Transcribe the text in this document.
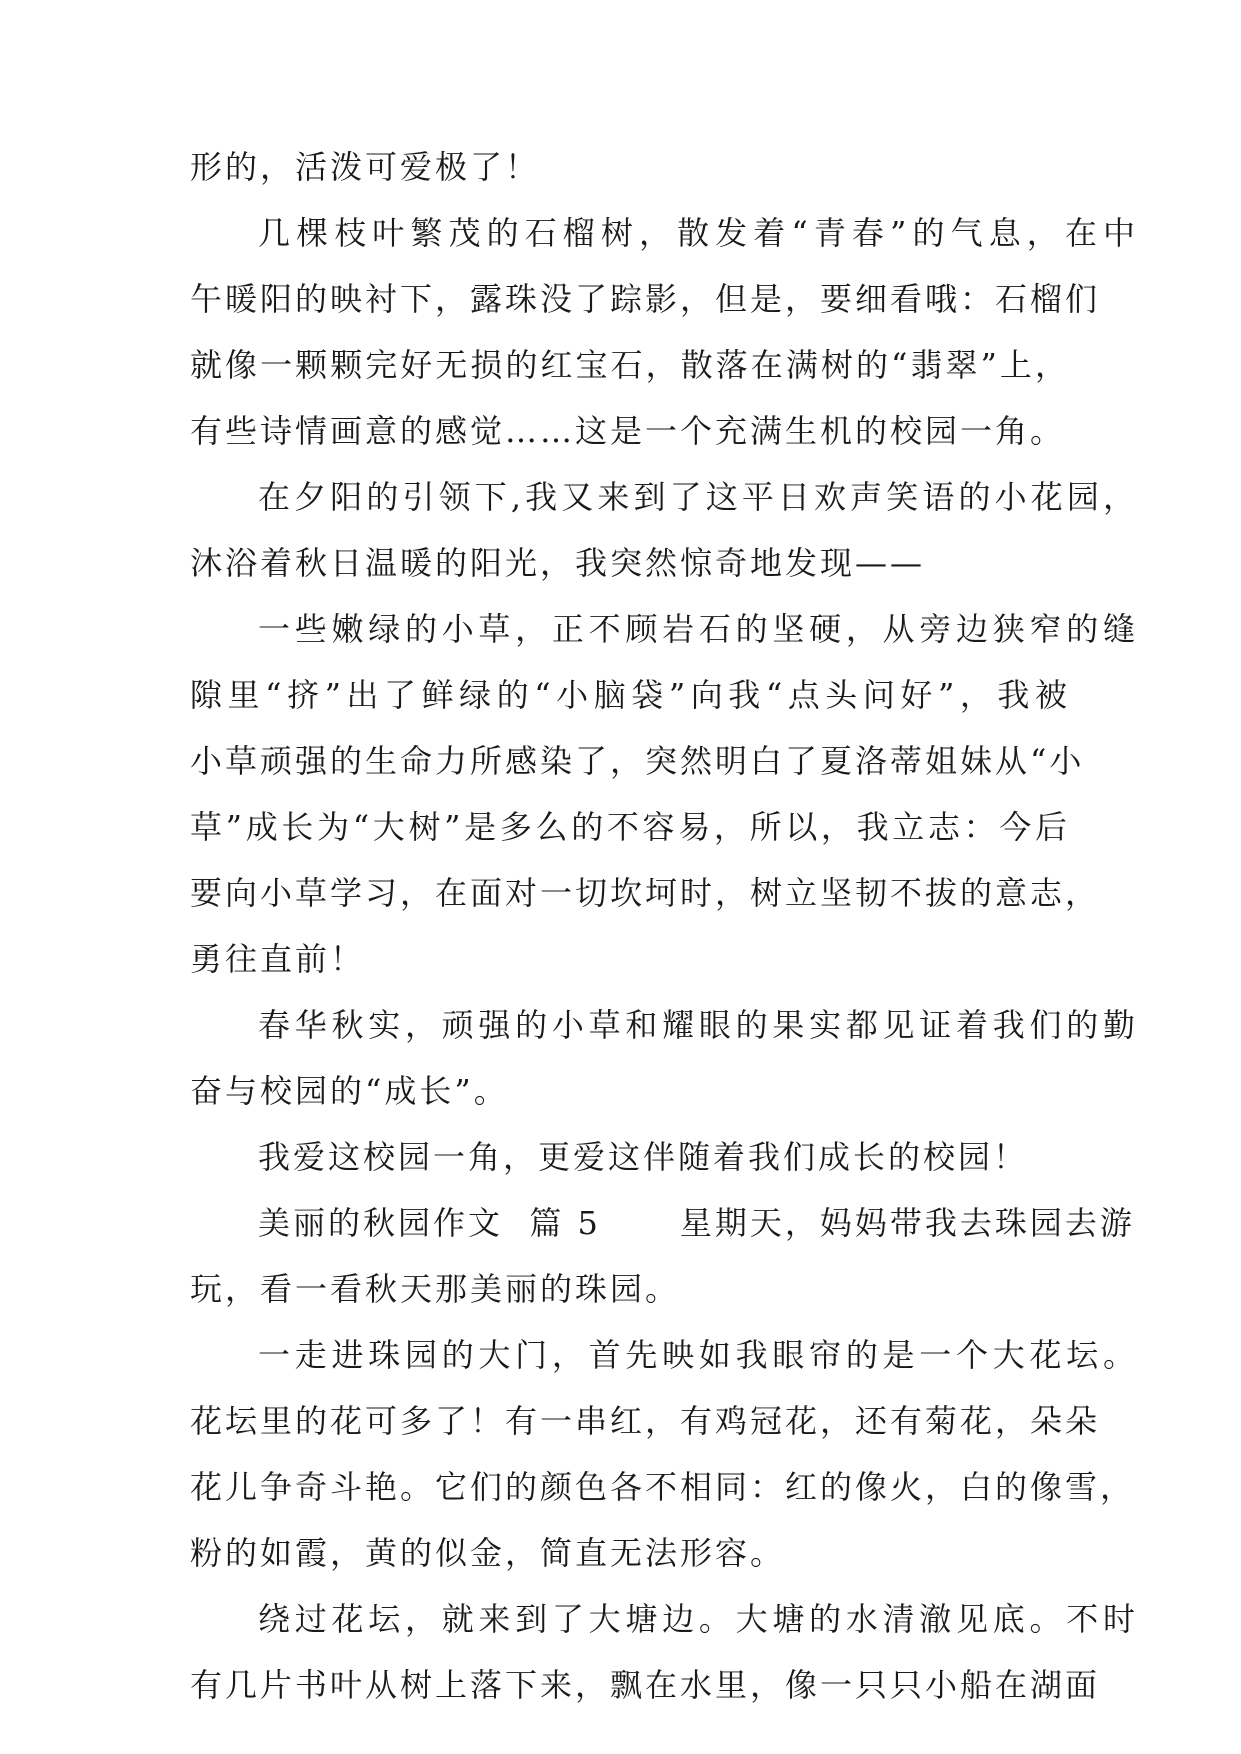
形的，活泼可爱极了！
几棵枝叶繁茂的石榴树，散发着“青春”的气息，在中
午暖阳的映衬下，露珠没了踪影，但是，要细看哦：石榴们
就像一颗颗完好无损的红宝石，散落在满树的“翡翠”上，
有些诗情画意的感觉……这是一个充满生机的校园一角。
在夕阳的引领下,我又来到了这平日欢声笑语的小花园，
沐浴着秋日温暖的阳光，我突然惊奇地发现——
一些嫩绿的小草，正不顾岩石的坚硬，从旁边狭窄的缝
隙里“挤”出了鲜绿的“小脑袋”向我“点头问好”，我被
小草顽强的生命力所感染了，突然明白了夏洛蒂姐妹从“小
草”成长为“大树”是多么的不容易，所以，我立志：今后
要向小草学习，在面对一切坎坷时，树立坚韧不拔的意志，
勇往直前！
春华秋实，顽强的小草和耀眼的果实都见证着我们的勤
奋与校园的“成长”。
我爱这校园一角，更爱这伴随着我们成长的校园！
美丽的秋园作文  篇 5      星期天，妈妈带我去珠园去游
玩，看一看秋天那美丽的珠园。
一走进珠园的大门，首先映如我眼帘的是一个大花坛。
花坛里的花可多了！有一串红，有鸡冠花，还有菊花，朵朵
花儿争奇斗艳。它们的颜色各不相同：红的像火，白的像雪，
粉的如霞，黄的似金，简直无法形容。
绕过花坛，就来到了大塘边。大塘的水清澈见底。不时
有几片书叶从树上落下来，飘在水里，像一只只小船在湖面
